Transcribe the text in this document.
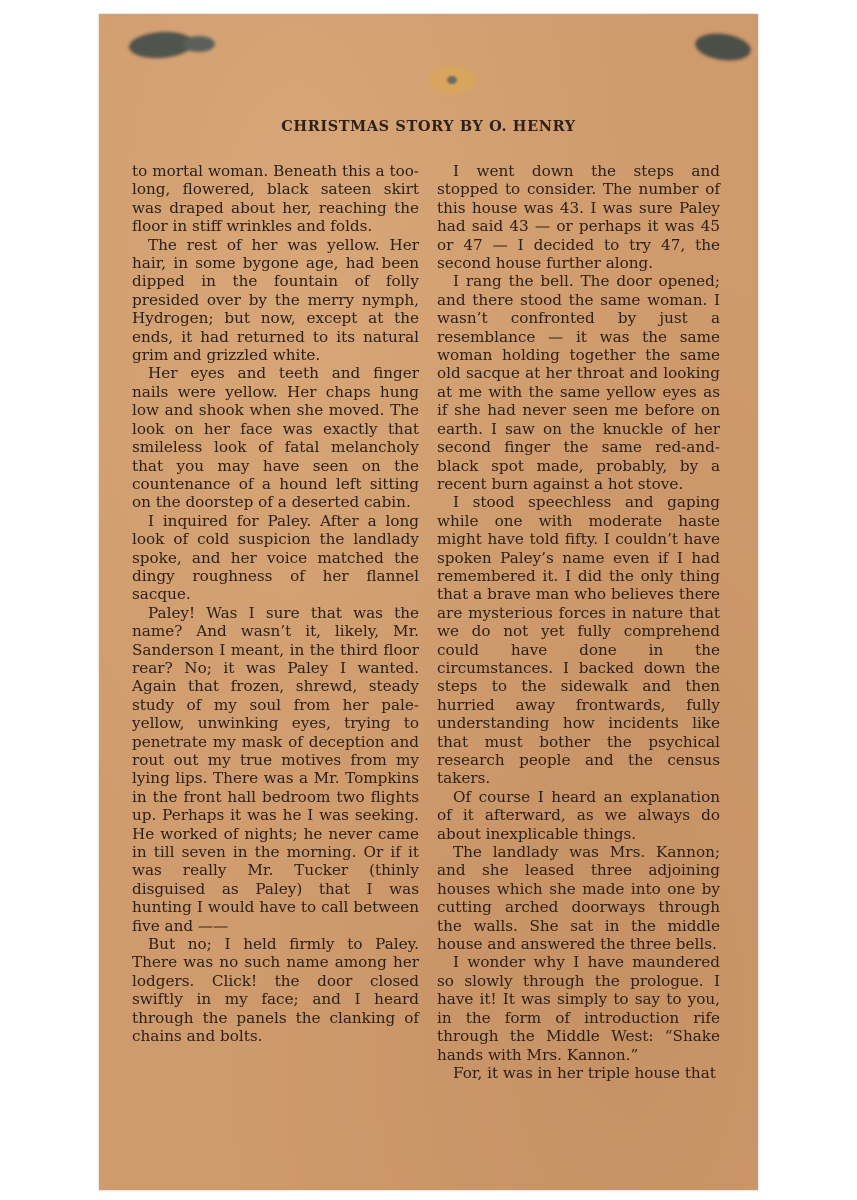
CHRISTMAS STORY BY O. HENRY

to mortal woman. Beneath this a too-long, flowered, black sateen skirt was draped about her, reaching the floor in stiff wrinkles and folds.

The rest of her was yellow. Her hair, in some bygone age, had been dipped in the fountain of folly presided over by the merry nymph, Hydrogen; but now, except at the ends, it had returned to its natural grim and grizzled white.

Her eyes and teeth and finger nails were yellow. Her chaps hung low and shook when she moved. The look on her face was exactly that smileless look of fatal melancholy that you may have seen on the countenance of a hound left sitting on the doorstep of a deserted cabin.

I inquired for Paley. After a long look of cold suspicion the landlady spoke, and her voice matched the dingy roughness of her flannel sacque.

Paley! Was I sure that was the name? And wasn’t it, likely, Mr. Sanderson I meant, in the third floor rear? No; it was Paley I wanted. Again that frozen, shrewd, steady study of my soul from her pale-yellow, unwinking eyes, trying to penetrate my mask of deception and rout out my true motives from my lying lips. There was a Mr. Tompkins in the front hall bedroom two flights up. Perhaps it was he I was seeking. He worked of nights; he never came in till seven in the morning. Or if it was really Mr. Tucker (thinly disguised as Paley) that I was hunting I would have to call between five and ——

But no; I held firmly to Paley. There was no such name among her lodgers. Click! the door closed swiftly in my face; and I heard through the panels the clanking of chains and bolts.

I went down the steps and stopped to consider. The number of this house was 43. I was sure Paley had said 43 — or perhaps it was 45 or 47 — I decided to try 47, the second house further along.

I rang the bell. The door opened; and there stood the same woman. I wasn’t confronted by just a resemblance — it was the same woman holding together the same old sacque at her throat and looking at me with the same yellow eyes as if she had never seen me before on earth. I saw on the knuckle of her second finger the same red-and-black spot made, probably, by a recent burn against a hot stove.

I stood speechless and gaping while one with moderate haste might have told fifty. I couldn’t have spoken Paley’s name even if I had remembered it. I did the only thing that a brave man who believes there are mysterious forces in nature that we do not yet fully comprehend could have done in the circumstances. I backed down the steps to the sidewalk and then hurried away frontwards, fully understanding how incidents like that must bother the psychical research people and the census takers.

Of course I heard an explanation of it afterward, as we always do about inexplicable things.

The landlady was Mrs. Kannon; and she leased three adjoining houses which she made into one by cutting arched doorways through the walls. She sat in the middle house and answered the three bells.

I wonder why I have maundered so slowly through the prologue. I have it! It was simply to say to you, in the form of introduction rife through the Middle West: “Shake hands with Mrs. Kannon.”

For, it was in her triple house that
